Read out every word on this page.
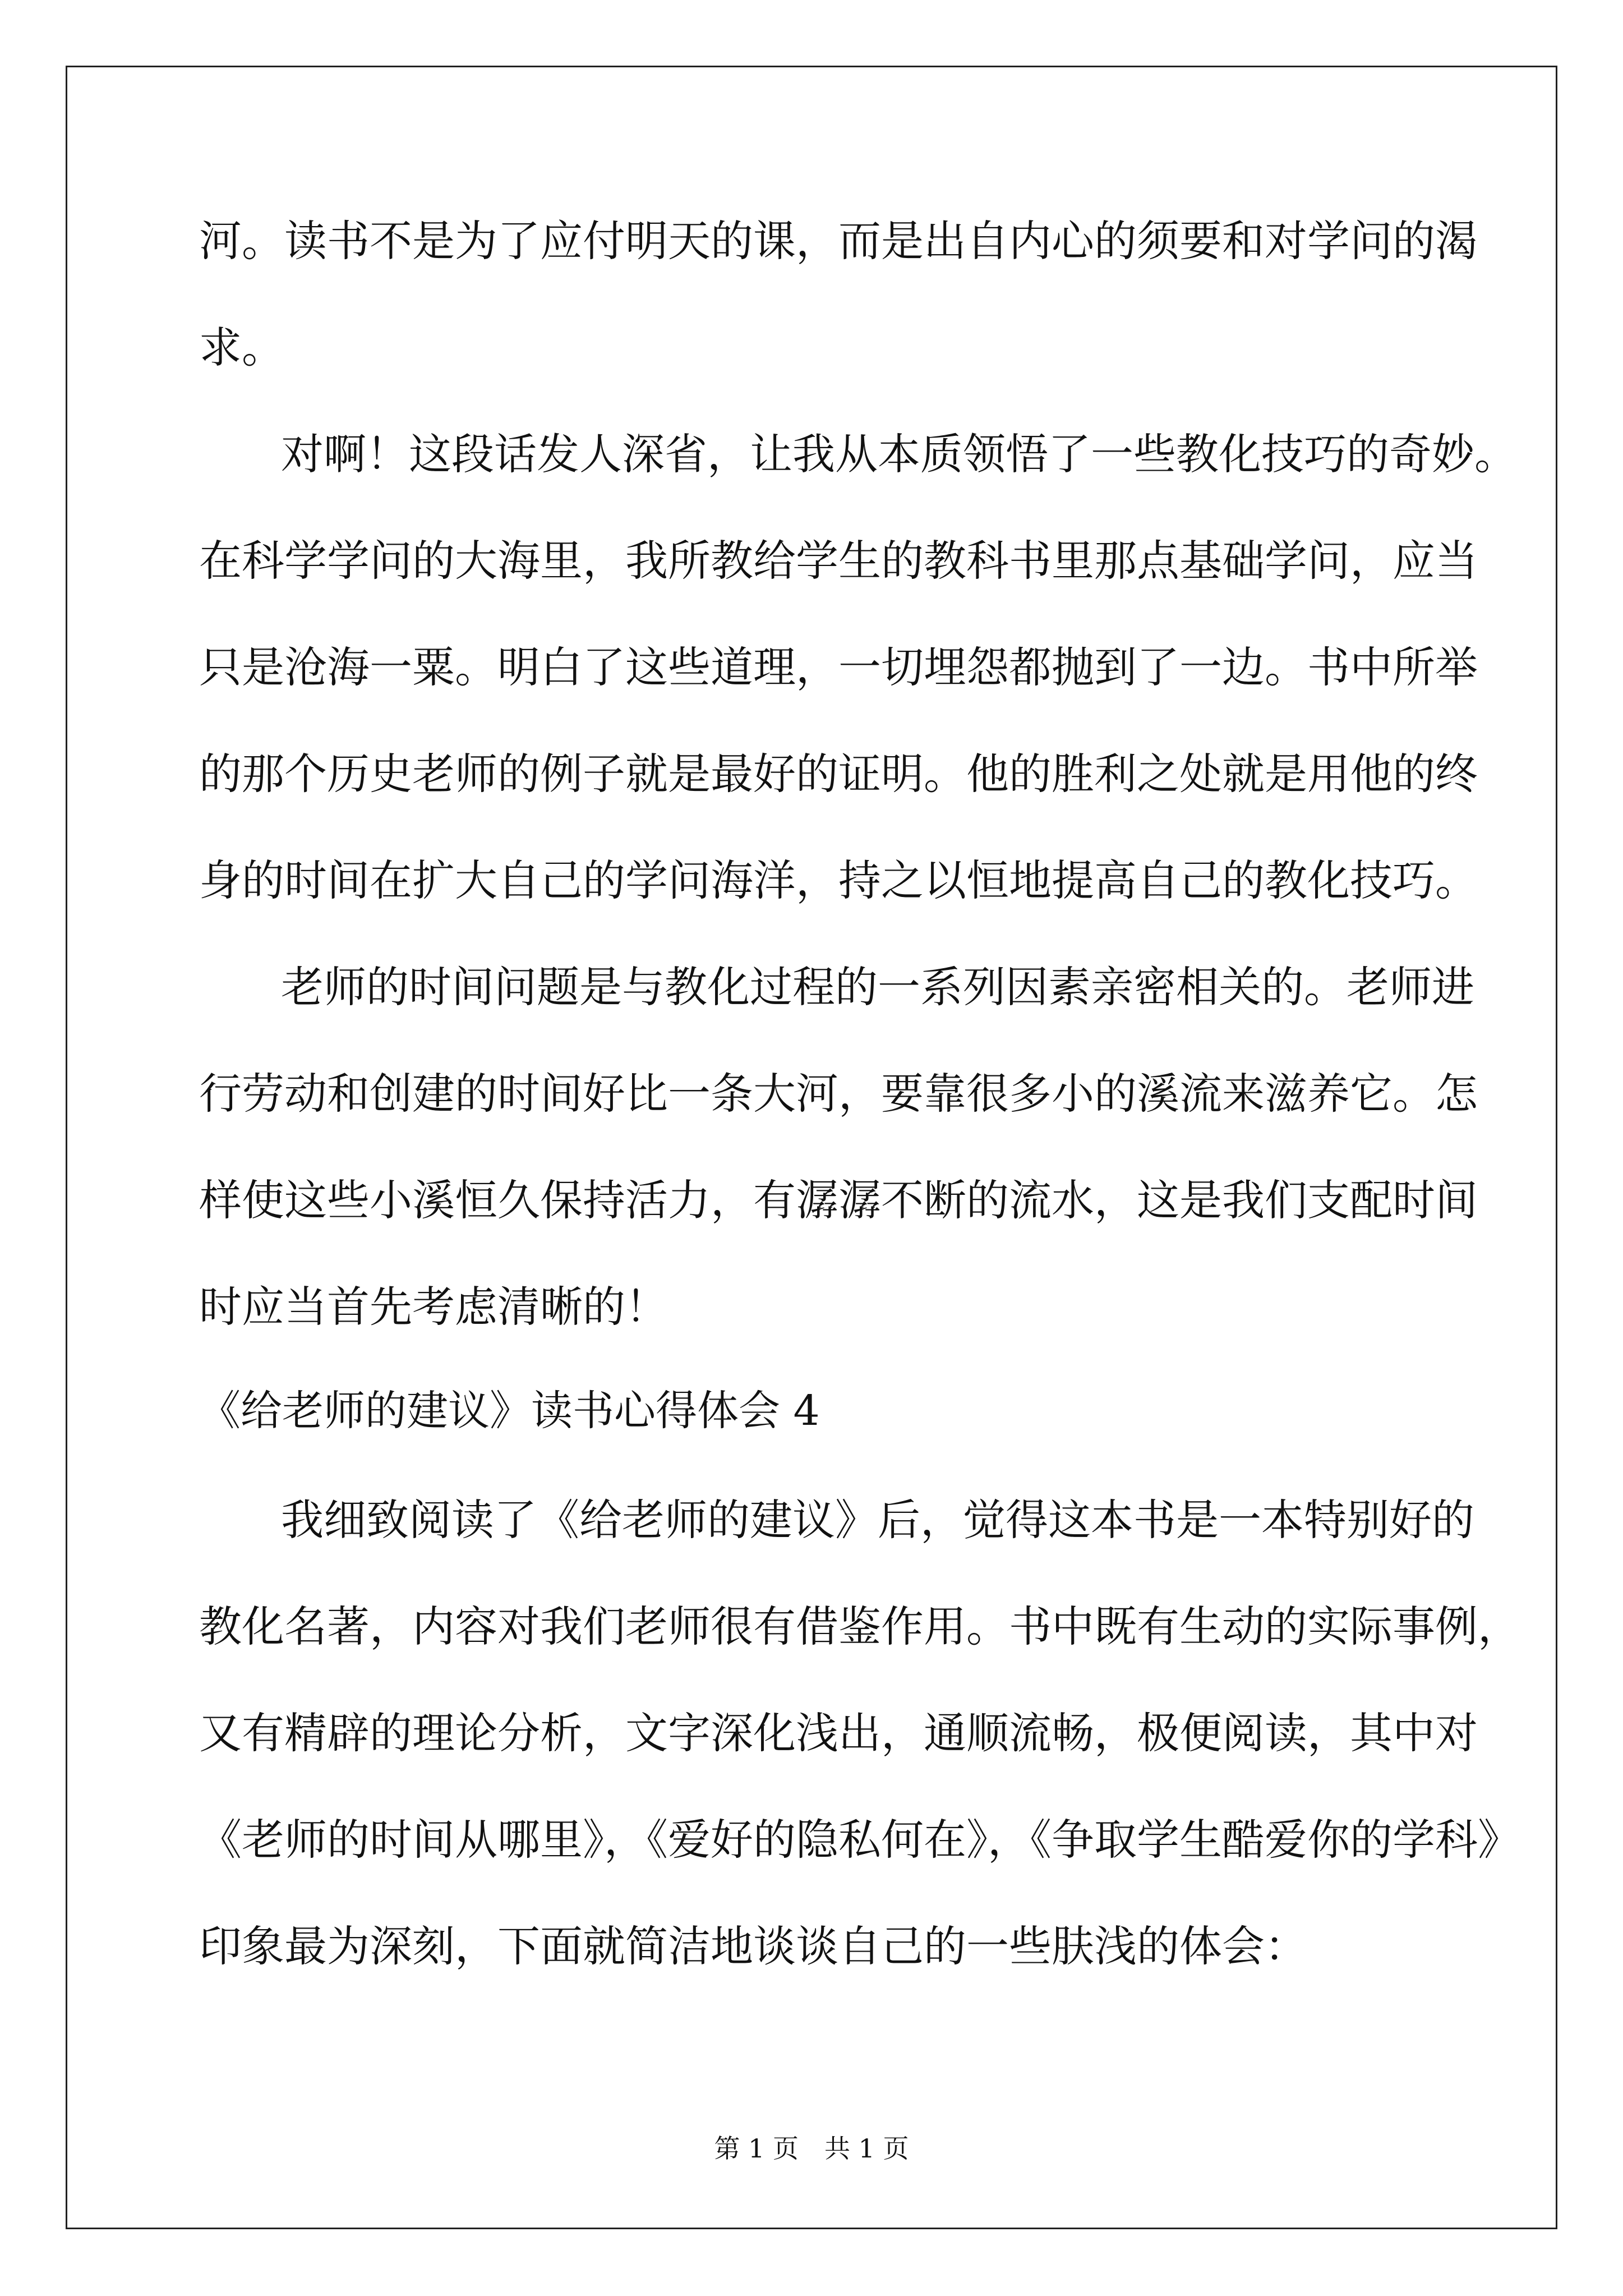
河。读书不是为了应付明天的课，而是出自内心的须要和对学问的渴
求。
对啊！这段话发人深省，让我从本质领悟了一些教化技巧的奇妙。
在科学学问的大海里，我所教给学生的教科书里那点基础学问，应当
只是沧海一粟。明白了这些道理，一切埋怨都抛到了一边。书中所举
的那个历史老师的例子就是最好的证明。他的胜利之处就是用他的终
身的时间在扩大自己的学问海洋，持之以恒地提高自己的教化技巧。
老师的时间问题是与教化过程的一系列因素亲密相关的。老师进
行劳动和创建的时间好比一条大河，要靠很多小的溪流来滋养它。怎
样使这些小溪恒久保持活力，有潺潺不断的流水，这是我们支配时间
时应当首先考虑清晰的！
《给老师的建议》读书心得体会 4
我细致阅读了《给老师的建议》后，觉得这本书是一本特别好的
教化名著，内容对我们老师很有借鉴作用。书中既有生动的实际事例，
又有精辟的理论分析，文字深化浅出，通顺流畅，极便阅读，其中对
《老师的时间从哪里》，《爱好的隐私何在》，《争取学生酷爱你的学科》
印象最为深刻，下面就简洁地谈谈自己的一些肤浅的体会：
第 1 页　共 1 页
